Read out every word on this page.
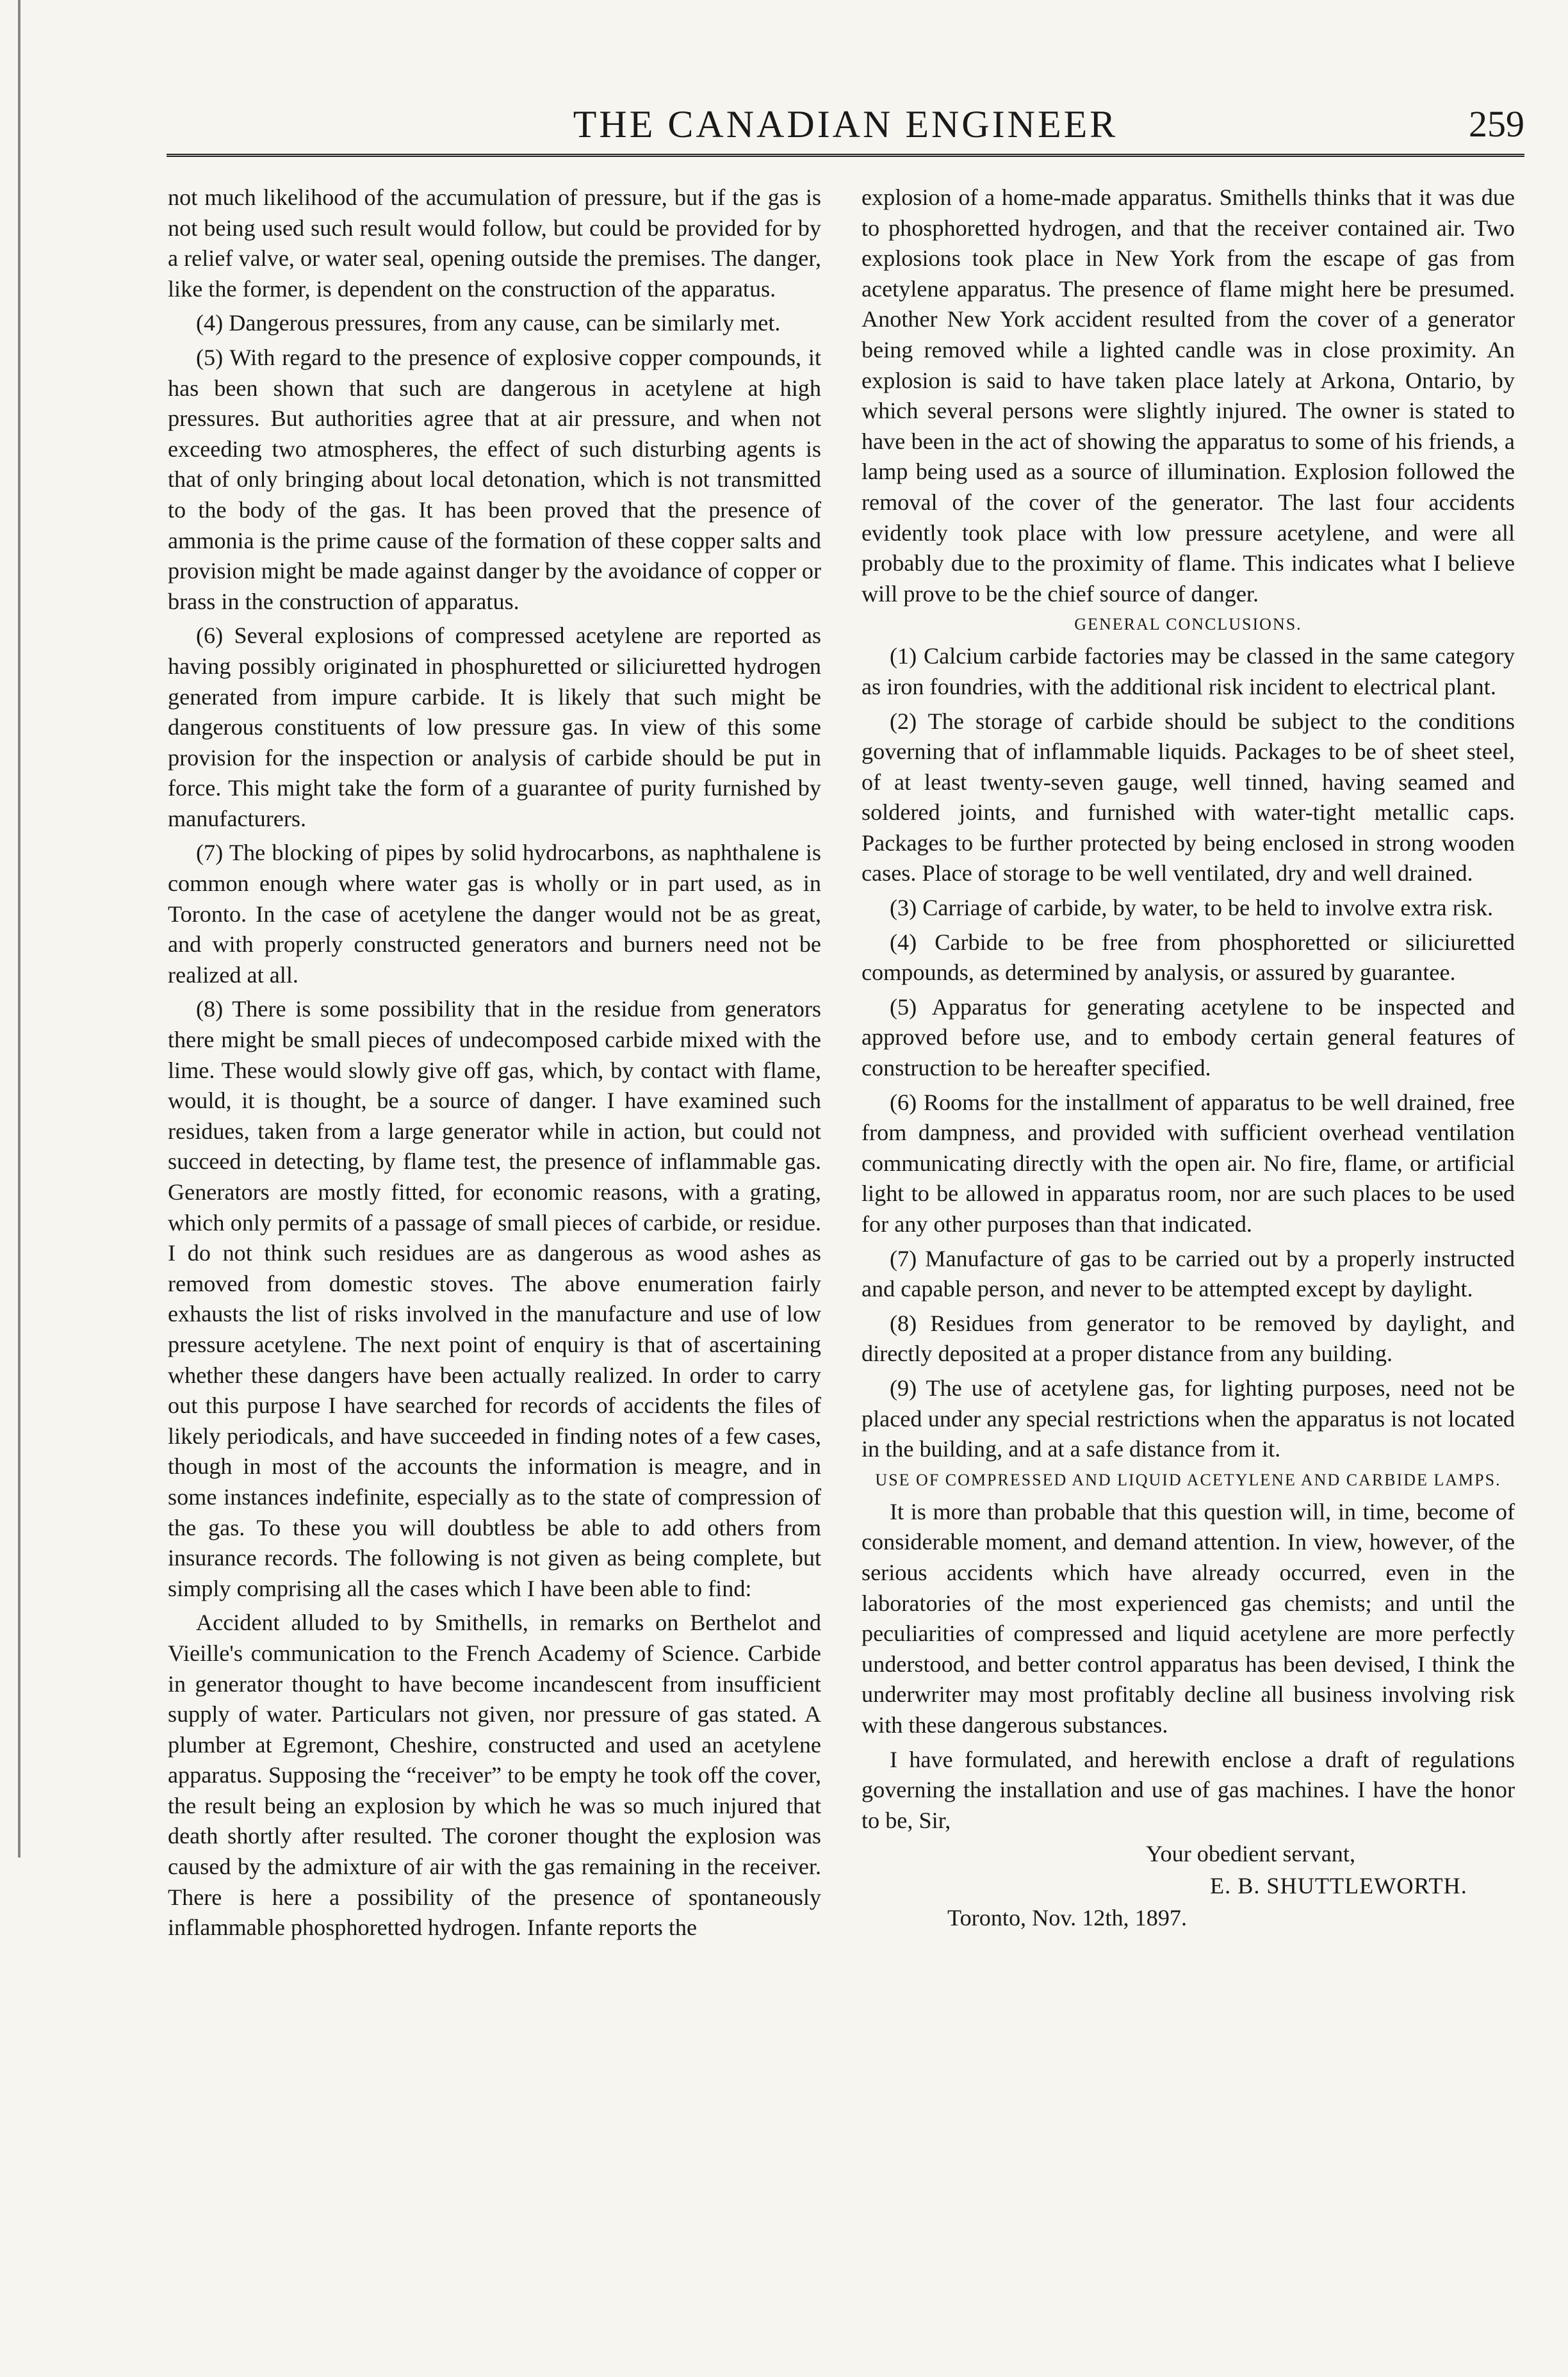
THE CANADIAN ENGINEER	259

not much likelihood of the accumulation of pressure, but if the gas is not being used such result would follow, but could be provided for by a relief valve, or water seal, opening outside the premises. The danger, like the former, is dependent on the construction of the apparatus.

(4) Dangerous pressures, from any cause, can be similarly met.

(5) With regard to the presence of explosive copper compounds, it has been shown that such are dangerous in acetylene at high pressures. But authorities agree that at air pressure, and when not exceeding two atmospheres, the effect of such disturbing agents is that of only bringing about local detonation, which is not transmitted to the body of the gas. It has been proved that the presence of ammonia is the prime cause of the formation of these copper salts and provision might be made against danger by the avoidance of copper or brass in the construction of apparatus.

(6) Several explosions of compressed acetylene are reported as having possibly originated in phosphuretted or siliciuretted hydrogen generated from impure carbide. It is likely that such might be dangerous constituents of low pressure gas. In view of this some provision for the inspection or analysis of carbide should be put in force. This might take the form of a guarantee of purity furnished by manufacturers.

(7) The blocking of pipes by solid hydrocarbons, as naphthalene is common enough where water gas is wholly or in part used, as in Toronto. In the case of acetylene the danger would not be as great, and with properly constructed generators and burners need not be realized at all.

(8) There is some possibility that in the residue from generators there might be small pieces of undecomposed carbide mixed with the lime. These would slowly give off gas, which, by contact with flame, would, it is thought, be a source of danger. I have examined such residues, taken from a large generator while in action, but could not succeed in detecting, by flame test, the presence of inflammable gas. Generators are mostly fitted, for economic reasons, with a grating, which only permits of a passage of small pieces of carbide, or residue. I do not think such residues are as dangerous as wood ashes as removed from domestic stoves. The above enumeration fairly exhausts the list of risks involved in the manufacture and use of low pressure acetylene. The next point of enquiry is that of ascertaining whether these dangers have been actually realized. In order to carry out this purpose I have searched for records of accidents the files of likely periodicals, and have succeeded in finding notes of a few cases, though in most of the accounts the information is meagre, and in some instances indefinite, especially as to the state of compression of the gas. To these you will doubtless be able to add others from insurance records. The following is not given as being complete, but simply comprising all the cases which I have been able to find:

Accident alluded to by Smithells, in remarks on Berthelot and Vieille's communication to the French Academy of Science. Carbide in generator thought to have become incandescent from insufficient supply of water. Particulars not given, nor pressure of gas stated. A plumber at Egremont, Cheshire, constructed and used an acetylene apparatus. Supposing the “receiver” to be empty he took off the cover, the result being an explosion by which he was so much injured that death shortly after resulted. The coroner thought the explosion was caused by the admixture of air with the gas remaining in the receiver. There is here a possibility of the presence of spontaneously inflammable phosphoretted hydrogen. Infante reports the

explosion of a home-made apparatus. Smithells thinks that it was due to phosphoretted hydrogen, and that the receiver contained air. Two explosions took place in New York from the escape of gas from acetylene apparatus. The presence of flame might here be presumed. Another New York accident resulted from the cover of a generator being removed while a lighted candle was in close proximity. An explosion is said to have taken place lately at Arkona, Ontario, by which several persons were slightly injured. The owner is stated to have been in the act of showing the apparatus to some of his friends, a lamp being used as a source of illumination. Explosion followed the removal of the cover of the generator. The last four accidents evidently took place with low pressure acetylene, and were all probably due to the proximity of flame. This indicates what I believe will prove to be the chief source of danger.

GENERAL CONCLUSIONS.

(1) Calcium carbide factories may be classed in the same category as iron foundries, with the additional risk incident to electrical plant.

(2) The storage of carbide should be subject to the conditions governing that of inflammable liquids. Packages to be of sheet steel, of at least twenty-seven gauge, well tinned, having seamed and soldered joints, and furnished with water-tight metallic caps. Packages to be further protected by being enclosed in strong wooden cases. Place of storage to be well ventilated, dry and well drained.

(3) Carriage of carbide, by water, to be held to involve extra risk.

(4) Carbide to be free from phosphoretted or siliciuretted compounds, as determined by analysis, or assured by guarantee.

(5) Apparatus for generating acetylene to be inspected and approved before use, and to embody certain general features of construction to be hereafter specified.

(6) Rooms for the installment of apparatus to be well drained, free from dampness, and provided with sufficient overhead ventilation communicating directly with the open air. No fire, flame, or artificial light to be allowed in apparatus room, nor are such places to be used for any other purposes than that indicated.

(7) Manufacture of gas to be carried out by a properly instructed and capable person, and never to be attempted except by daylight.

(8) Residues from generator to be removed by daylight, and directly deposited at a proper distance from any building.

(9) The use of acetylene gas, for lighting purposes, need not be placed under any special restrictions when the apparatus is not located in the building, and at a safe distance from it.

USE OF COMPRESSED AND LIQUID ACETYLENE AND CARBIDE LAMPS.

It is more than probable that this question will, in time, become of considerable moment, and demand attention. In view, however, of the serious accidents which have already occurred, even in the laboratories of the most experienced gas chemists; and until the peculiarities of compressed and liquid acetylene are more perfectly understood, and better control apparatus has been devised, I think the underwriter may most profitably decline all business involving risk with these dangerous substances.

I have formulated, and herewith enclose a draft of regulations governing the installation and use of gas machines. I have the honor to be, Sir,

Your obedient servant,

E. B. SHUTTLEWORTH.

Toronto, Nov. 12th, 1897.
